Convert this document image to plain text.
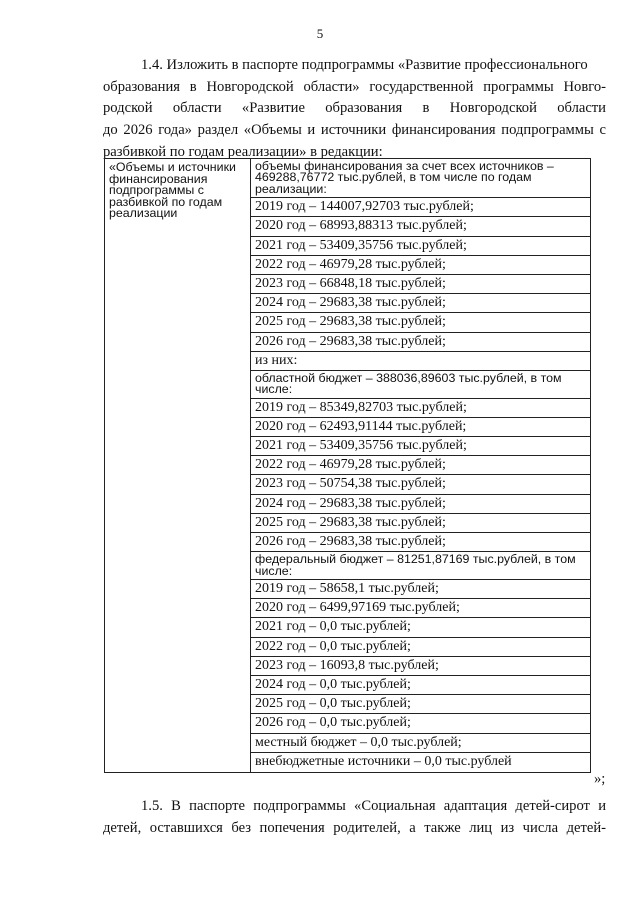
5
1.4. Изложить в паспорте подпрограммы «Развитие профессионального
образования в Новгородской области» государственной программы Новго-
родской области «Развитие образования в Новгородской области
до 2026 года» раздел «Объемы и источники финансирования подпрограммы с
разбивкой по годам реализации» в редакции:
«Объемы и источники финансирования подпрограммы с разбивкой по годам реализации	
объемы финансирования за счет всех источников – 469288,76772 тыс.рублей, в том числе по годам реализации:
2019 год – 144007,92703 тыс.рублей;
2020 год – 68993,88313 тыс.рублей;
2021 год – 53409,35756 тыс.рублей;
2022 год – 46979,28 тыс.рублей;
2023 год – 66848,18 тыс.рублей;
2024 год – 29683,38 тыс.рублей;
2025 год – 29683,38 тыс.рублей;
2026 год – 29683,38 тыс.рублей;
из них:
областной бюджет – 388036,89603 тыс.рублей, в том числе:
2019 год – 85349,82703 тыс.рублей;
2020 год – 62493,91144 тыс.рублей;
2021 год – 53409,35756 тыс.рублей;
2022 год – 46979,28 тыс.рублей;
2023 год – 50754,38 тыс.рублей;
2024 год – 29683,38 тыс.рублей;
2025 год – 29683,38 тыс.рублей;
2026 год – 29683,38 тыс.рублей;
федеральный бюджет – 81251,87169 тыс.рублей, в том числе:
2019 год – 58658,1 тыс.рублей;
2020 год – 6499,97169 тыс.рублей;
2021 год – 0,0 тыс.рублей;
2022 год – 0,0 тыс.рублей;
2023 год – 16093,8 тыс.рублей;
2024 год – 0,0 тыс.рублей;
2025 год – 0,0 тыс.рублей;
2026 год – 0,0 тыс.рублей;
местный бюджет – 0,0 тыс.рублей;
внебюджетные источники – 0,0 тыс.рублей
»;
1.5. В паспорте подпрограммы «Социальная адаптация детей-сирот и
детей, оставшихся без попечения родителей, а также лиц из числа детей-
